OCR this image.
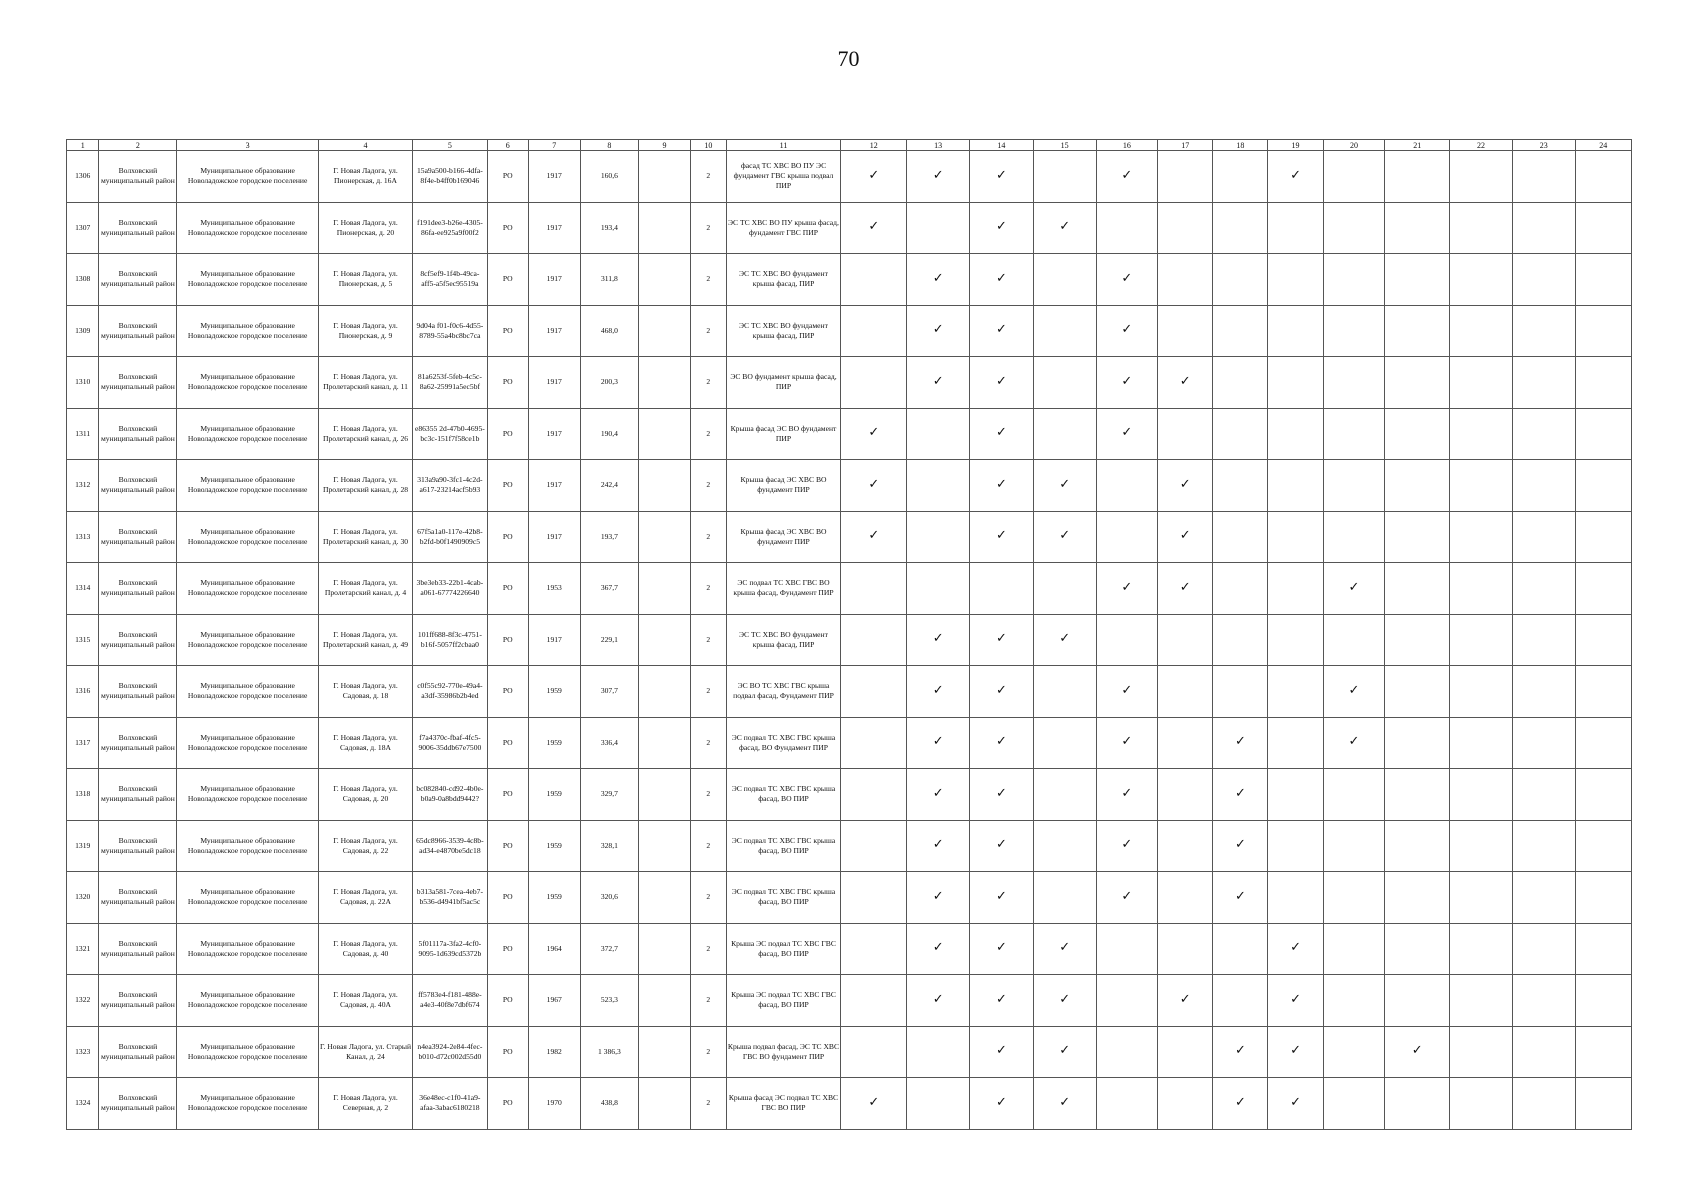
70
1	2	3	4	5	6	7	8	9	10	11	12	13	14	15	16	17	18	19	20	21	22	23	24
1306	Волховский муниципальный район	Муниципальное образование Новоладожское городское поселение	Г. Новая Ладога, ул. Пионерская, д. 16А	15a9a500-b166-4dfa-8f4e-b4ff0b169046	РО	1917	160,6		2	фасад ТС ХВС ВО ПУ ЭС фундамент ГВС крыша подвал ПИР	✓	✓	✓		✓			✓					
1307	Волховский муниципальный район	Муниципальное образование Новоладожское городское поселение	Г. Новая Ладога, ул. Пионерская, д. 20	f191dee3-b26e-4305-86fa-ee925a9f00f2	РО	1917	193,4		2	ЭС ТС ХВС ВО ПУ крыша фасад, фундамент ГВС ПИР	✓		✓	✓									
1308	Волховский муниципальный район	Муниципальное образование Новоладожское городское поселение	Г. Новая Ладога, ул. Пионерская, д. 5	8cf5ef9-1f4b-49ca-aff5-a5f5ec95519a	РО	1917	311,8		2	ЭС ТС ХВС ВО фундамент крыша фасад, ПИР		✓	✓		✓								
1309	Волховский муниципальный район	Муниципальное образование Новоладожское городское поселение	Г. Новая Ладога, ул. Пионерская, д. 9	9d04a f01-f0c6-4d55-8789-55a4bc8bc7ca	РО	1917	468,0		2	ЭС ТС ХВС ВО фундамент крыша фасад, ПИР		✓	✓		✓								
1310	Волховский муниципальный район	Муниципальное образование Новоладожское городское поселение	Г. Новая Ладога, ул. Пролетарский канал, д. 11	81a6253f-5feb-4c5c-8a62-25991a5ec5bf	РО	1917	200,3		2	ЭС ВО фундамент крыша фасад, ПИР		✓	✓		✓	✓							
1311	Волховский муниципальный район	Муниципальное образование Новоладожское городское поселение	Г. Новая Ладога, ул. Пролетарский канал, д. 26	e86355 2d-47b0-4695-bc3c-151f7f58ce1b	РО	1917	190,4		2	Крыша фасад ЭС ВО фундамент ПИР	✓		✓		✓								
1312	Волховский муниципальный район	Муниципальное образование Новоладожское городское поселение	Г. Новая Ладога, ул. Пролетарский канал, д. 28	313a9a90-3fc1-4c2d-a617-23214acf5b93	РО	1917	242,4		2	Крыша фасад ЭС ХВС ВО фундамент ПИР	✓		✓	✓		✓							
1313	Волховский муниципальный район	Муниципальное образование Новоладожское городское поселение	Г. Новая Ладога, ул. Пролетарский канал, д. 30	67f5a1a0-117e-42b8-b2fd-b0f1490909c5	РО	1917	193,7		2	Крыша фасад ЭС ХВС ВО фундамент ПИР	✓		✓	✓		✓							
1314	Волховский муниципальный район	Муниципальное образование Новоладожское городское поселение	Г. Новая Ладога, ул. Пролетарский канал, д. 4	3be3eb33-22b1-4cab-a061-67774226640	РО	1953	367,7		2	ЭС подвал ТС ХВС ГВС ВО крыша фасад, Фундамент ПИР					✓	✓			✓				
1315	Волховский муниципальный район	Муниципальное образование Новоладожское городское поселение	Г. Новая Ладога, ул. Пролетарский канал, д. 49	101ff688-8f3c-4751-b16f-5057ff2cbaa0	РО	1917	229,1		2	ЭС ТС ХВС ВО фундамент крыша фасад, ПИР		✓	✓	✓									
1316	Волховский муниципальный район	Муниципальное образование Новоладожское городское поселение	Г. Новая Ладога, ул. Садовая, д. 18	c0f55c92-770e-49a4-a3df-35986b2b4ed	РО	1959	307,7		2	ЭС ВО ТС ХВС ГВС крыша подвал фасад, Фундамент ПИР		✓	✓		✓				✓				
1317	Волховский муниципальный район	Муниципальное образование Новоладожское городское поселение	Г. Новая Ладога, ул. Садовая, д. 18А	f7a4370c-fbaf-4fc5-9006-35ddb67e7500	РО	1959	336,4		2	ЭС подвал ТС ХВС ГВС крыша фасад, ВО Фундамент ПИР		✓	✓		✓		✓		✓				
1318	Волховский муниципальный район	Муниципальное образование Новоладожское городское поселение	Г. Новая Ладога, ул. Садовая, д. 20	bc082840-cd92-4b0e-b0a9-0a8bdd9442?	РО	1959	329,7		2	ЭС подвал ТС ХВС ГВС крыша фасад, ВО ПИР		✓	✓		✓		✓						
1319	Волховский муниципальный район	Муниципальное образование Новоладожское городское поселение	Г. Новая Ладога, ул. Садовая, д. 22	65dc8966-3539-4c8b-ad34-e4870be5dc18	РО	1959	328,1		2	ЭС подвал ТС ХВС ГВС крыша фасад, ВО ПИР		✓	✓		✓		✓						
1320	Волховский муниципальный район	Муниципальное образование Новоладожское городское поселение	Г. Новая Ладога, ул. Садовая, д. 22А	b313a581-7cea-4eb7-b536-d4941bf5ac5c	РО	1959	320,6		2	ЭС подвал ТС ХВС ГВС крыша фасад, ВО ПИР		✓	✓		✓		✓						
1321	Волховский муниципальный район	Муниципальное образование Новоладожское городское поселение	Г. Новая Ладога, ул. Садовая, д. 40	5f01117a-3fa2-4cf0-9095-1d639cd5372b	РО	1964	372,7		2	Крыша ЭС подвал ТС ХВС ГВС фасад, ВО ПИР		✓	✓	✓				✓					
1322	Волховский муниципальный район	Муниципальное образование Новоладожское городское поселение	Г. Новая Ладога, ул. Садовая, д. 40А	ff5783e4-f181-488e-a4e3-40f8e7dbf674	РО	1967	523,3		2	Крыша ЭС подвал ТС ХВС ГВС фасад, ВО ПИР		✓	✓	✓		✓		✓					
1323	Волховский муниципальный район	Муниципальное образование Новоладожское городское поселение	Г. Новая Ладога, ул. Старый Канал, д. 24	n4ea3924-2e84-4fec-b010-d72c002d55d0	РО	1982	1 386,3		2	Крыша подвал фасад, ЭС ТС ХВС ГВС ВО фундамент ПИР			✓	✓			✓	✓		✓			
1324	Волховский муниципальный район	Муниципальное образование Новоладожское городское поселение	Г. Новая Ладога, ул. Северная, д. 2	36e48ec-c1f0-41a9-afaa-3abac6180218	РО	1970	438,8		2	Крыша фасад ЭС подвал ТС ХВС ГВС ВО ПИР	✓		✓	✓			✓	✓					
